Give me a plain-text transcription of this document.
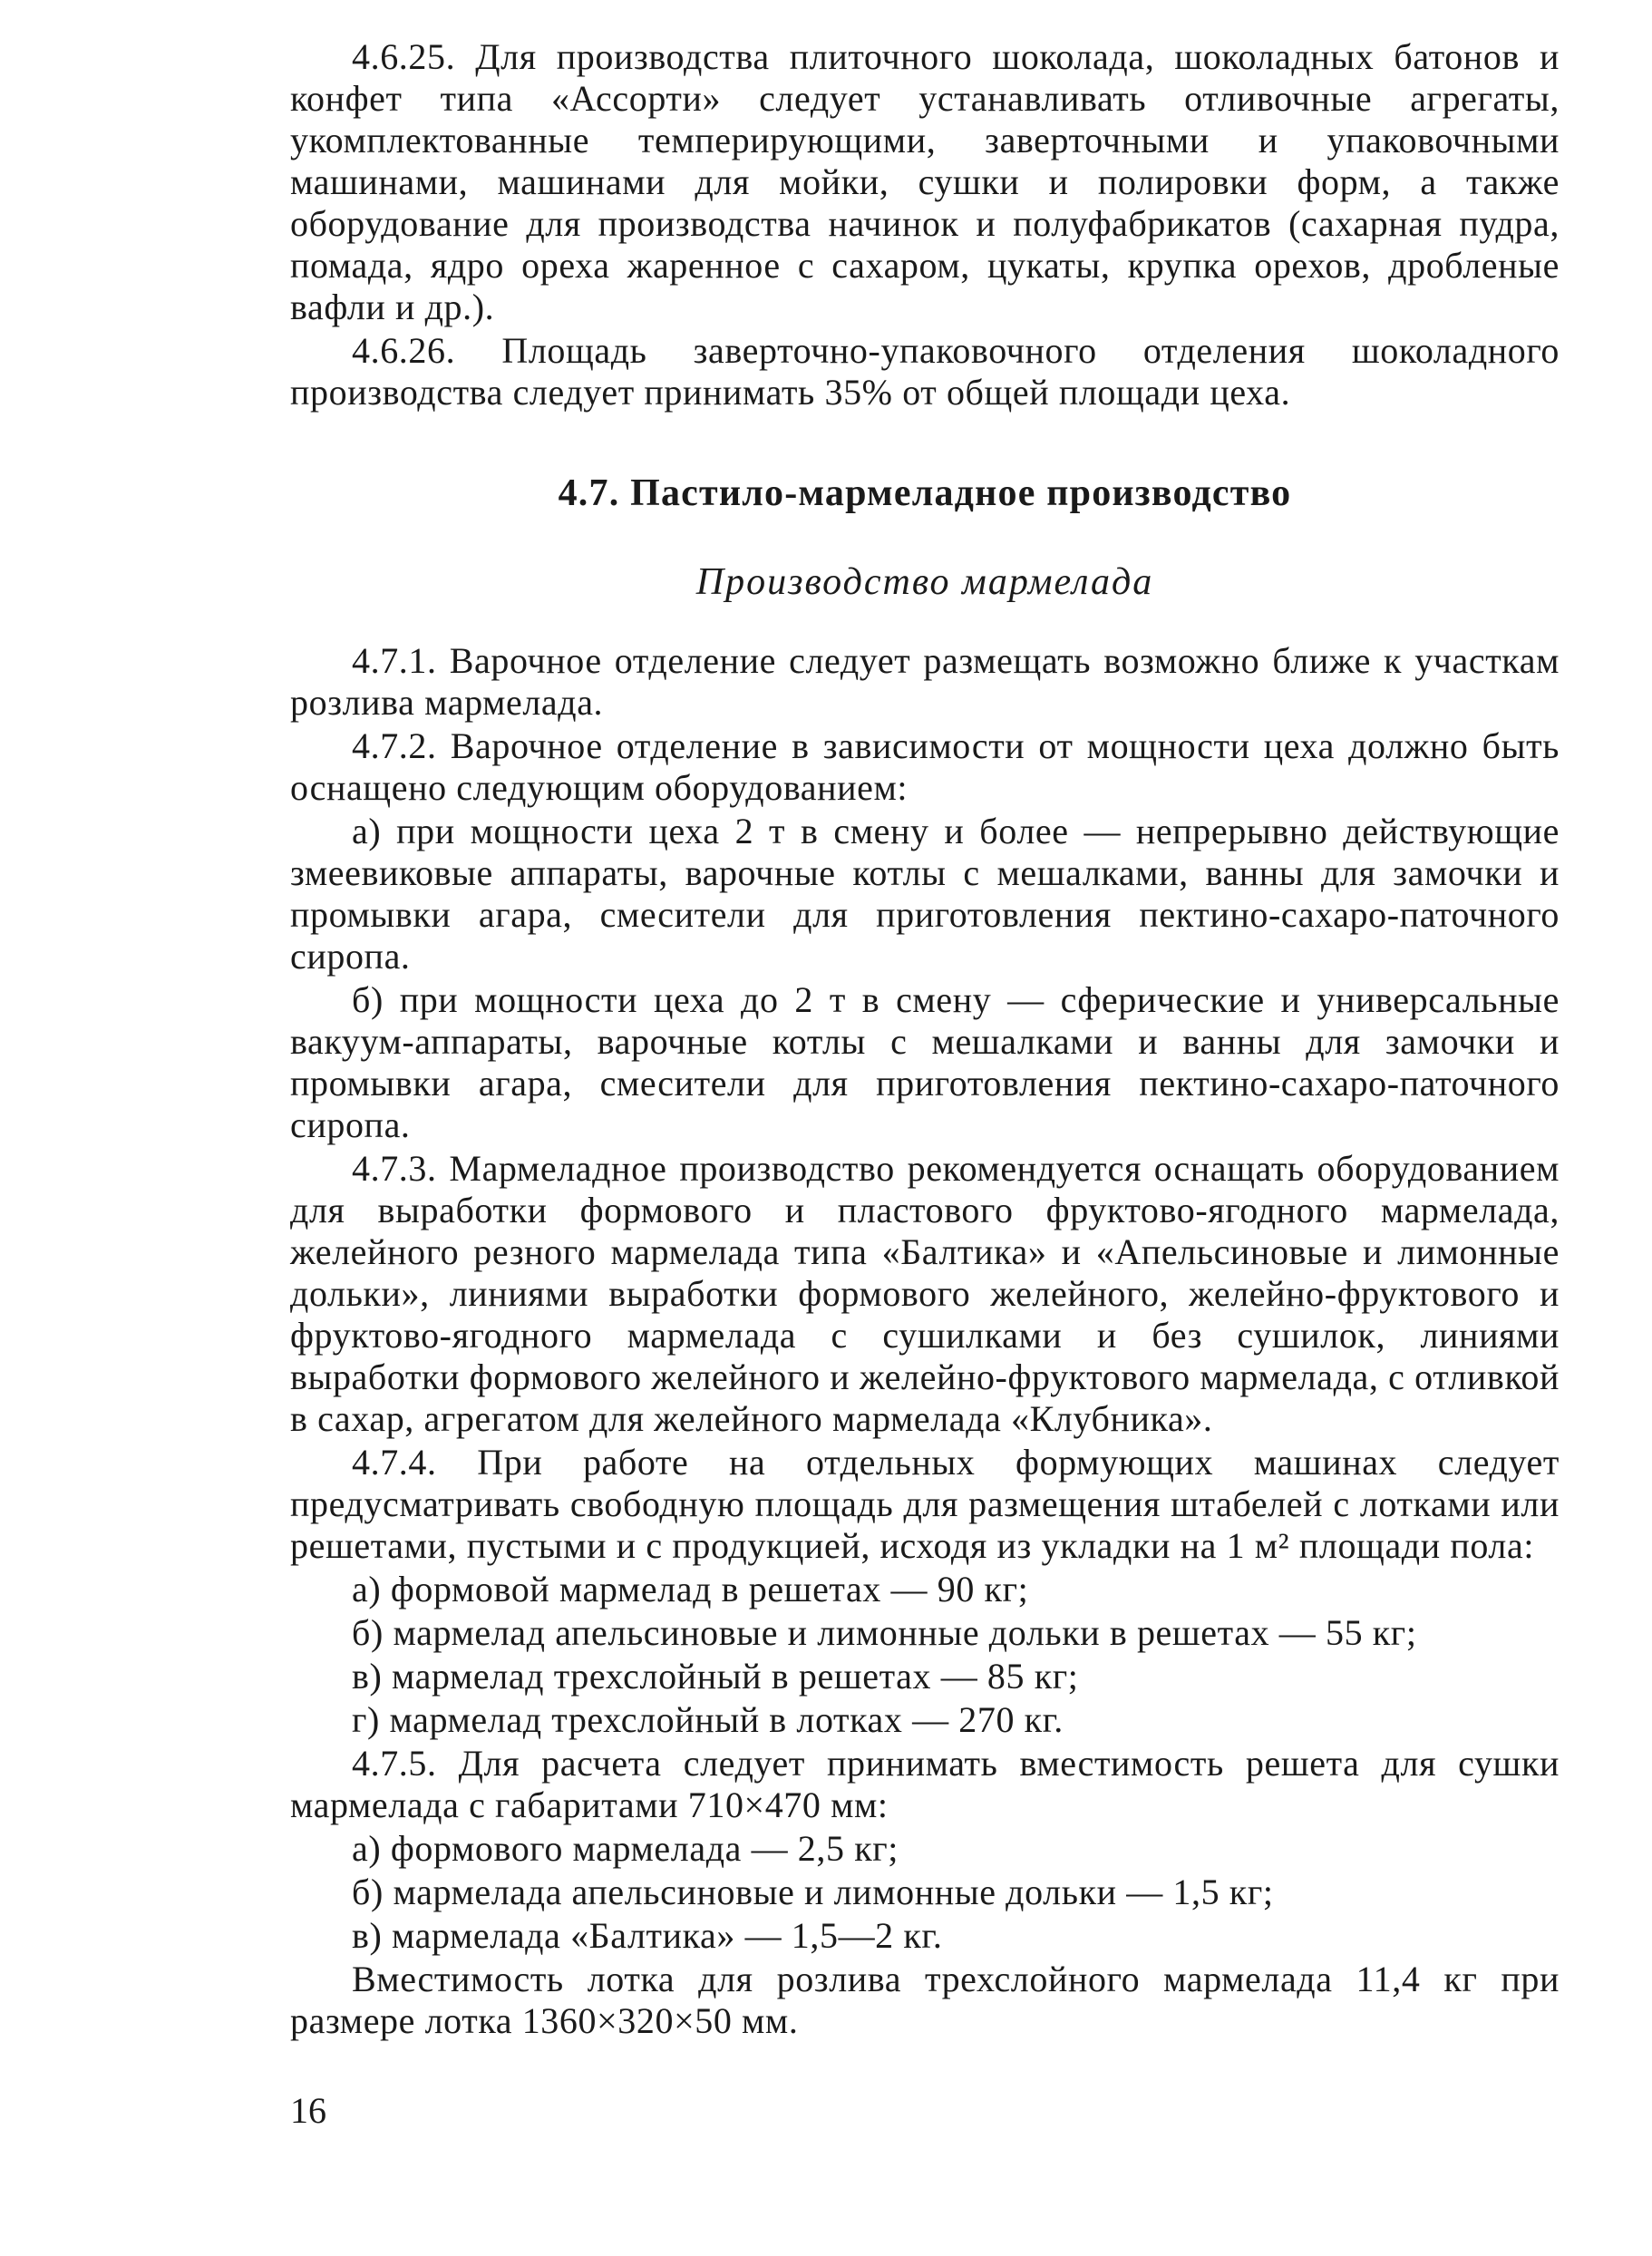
4.6.25. Для производства плиточного шоколада, шоколадных батонов и конфет типа «Ассорти» следует устанавливать отливочные агрегаты, укомплектованные темперирующими, заверточными и упаковочными машинами, машинами для мойки, сушки и полировки форм, а также оборудование для производства начинок и полуфабрикатов (сахарная пудра, помада, ядро ореха жаренное с сахаром, цукаты, крупка орехов, дробленые вафли и др.).

4.6.26. Площадь заверточно-упаковочного отделения шоколадного производства следует принимать 35% от общей площади цеха.

4.7. Пастило-мармеладное производство
Производство мармелада

4.7.1. Варочное отделение следует размещать возможно ближе к участкам розлива мармелада.

4.7.2. Варочное отделение в зависимости от мощности цеха должно быть оснащено следующим оборудованием:

а) при мощности цеха 2 т в смену и более — непрерывно действующие змеевиковые аппараты, варочные котлы с мешалками, ванны для замочки и промывки агара, смесители для приготовления пектино-сахаро-паточного сиропа.

б) при мощности цеха до 2 т в смену — сферические и универсальные вакуум-аппараты, варочные котлы с мешалками и ванны для замочки и промывки агара, смесители для приготовления пектино-сахаро-паточного сиропа.

4.7.3. Мармеладное производство рекомендуется оснащать оборудованием для выработки формового и пластового фруктово-ягодного мармелада, желейного резного мармелада типа «Балтика» и «Апельсиновые и лимонные дольки», линиями выработки формового желейного, желейно-фруктового и фруктово-ягодного мармелада с сушилками и без сушилок, линиями выработки формового желейного и желейно-фруктового мармелада, с отливкой в сахар, агрегатом для желейного мармелада «Клубника».

4.7.4. При работе на отдельных формующих машинах следует предусматривать свободную площадь для размещения штабелей с лотками или решетами, пустыми и с продукцией, исходя из укладки на 1 м² площади пола:

а) формовой мармелад в решетах — 90 кг;

б) мармелад апельсиновые и лимонные дольки в решетах — 55 кг;

в) мармелад трехслойный в решетах — 85 кг;

г) мармелад трехслойный в лотках — 270 кг.

4.7.5. Для расчета следует принимать вместимость решета для сушки мармелада с габаритами 710×470 мм:

а) формового мармелада — 2,5 кг;

б) мармелада апельсиновые и лимонные дольки — 1,5 кг;

в) мармелада «Балтика» — 1,5—2 кг.

Вместимость лотка для розлива трехслойного мармелада 11,4 кг при размере лотка 1360×320×50 мм.

16
